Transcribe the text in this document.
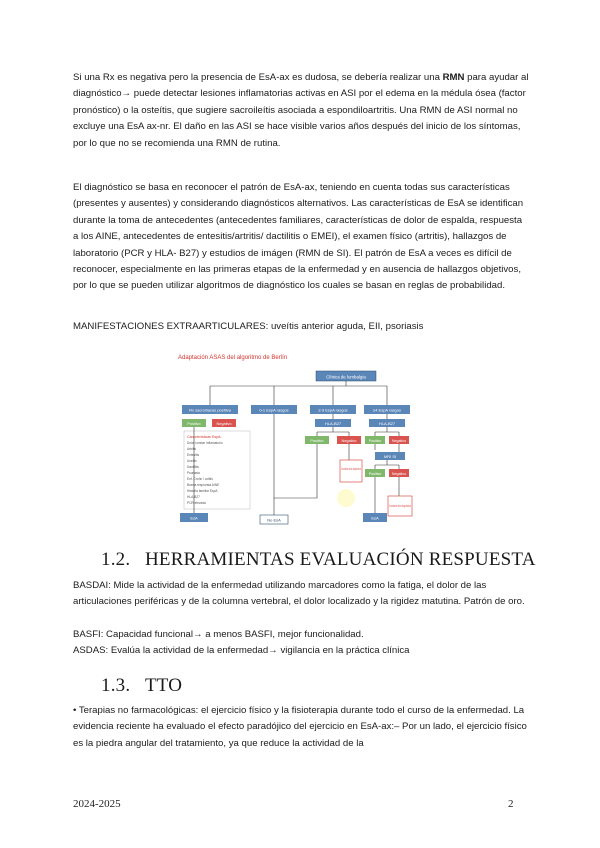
Si una Rx es negativa pero la presencia de EsA-ax es dudosa, se debería realizar una RMN para ayudar al diagnóstico→ puede detectar lesiones inflamatorias activas en ASI por el edema en la médula ósea (factor pronóstico) o la osteítis, que sugiere sacroileítis asociada a espondiloartritis. Una RMN de ASI normal no excluye una EsA ax-nr. El daño en las ASI se hace visible varios años después del inicio de los síntomas, por lo que no se recomienda una RMN de rutina.

El diagnóstico se basa en reconocer el patrón de EsA-ax, teniendo en cuenta todas sus características (presentes y ausentes) y considerando diagnósticos alternativos. Las características de EsA se identifican durante la toma de antecedentes (antecedentes familiares, características de dolor de espalda, respuesta a los AINE, antecedentes de entesitis/artritis/ dactilitis o EMEI), el examen físico (artritis), hallazgos de laboratorio (PCR y HLA- B27) y estudios de imágen (RMN de SI). El patrón de EsA a veces es difícil de reconocer, especialmente en las primeras etapas de la enfermedad y en ausencia de hallazgos objetivos, por lo que se pueden utilizar algoritmos de diagnóstico los cuales se basan en reglas de probabilidad.

MANIFESTACIONES EXTRAARTICULARES: uveítis anterior aguda, EII, psoriasis

Adaptación ASAS del algoritmo de Berlín
Clínica de lumbalgia
Rx sacroilíacas positiva	0-1 EspA rasgos	2-3 EspA rasgos	≥4 EspA rasgos
Positivo	Negativo
Características EspA:
Dolor lumbar inflamatorio
Artritis
Entesitis
Uveítis
Dactilitis
Psoriasis
Enf. Crohn / colitis
Buena respuesta AINE
Historia familiar EspA
HLA-B27
PCR elevada
HLA-B27
Positivo	Negativo
Considerar otros diagnósticos
HLA-B27
Positivo	Negativo
MRI SI
Positivo	Negativo
Considerar otros diagnósticos
EsA	No EsA	EsA
1.2. HERRAMIENTAS EVALUACIÓN RESPUESTA

BASDAI: Mide la actividad de la enfermedad utilizando marcadores como la fatiga, el dolor de las articulaciones periféricas y de la columna vertebral, el dolor localizado y la rigidez matutina. Patrón de oro.

BASFI: Capacidad funcional→ a menos BASFI, mejor funcionalidad.

ASDAS: Evalúa la actividad de la enfermedad→ vigilancia en la práctica clínica

1.3. TTO

• Terapias no farmacológicas: el ejercicio físico y la fisioterapia durante todo el curso de la enfermedad. La evidencia reciente ha evaluado el efecto paradójico del ejercicio en EsA-ax:– Por un lado, el ejercicio físico es la piedra angular del tratamiento, ya que reduce la actividad de la

2024-2025	2
